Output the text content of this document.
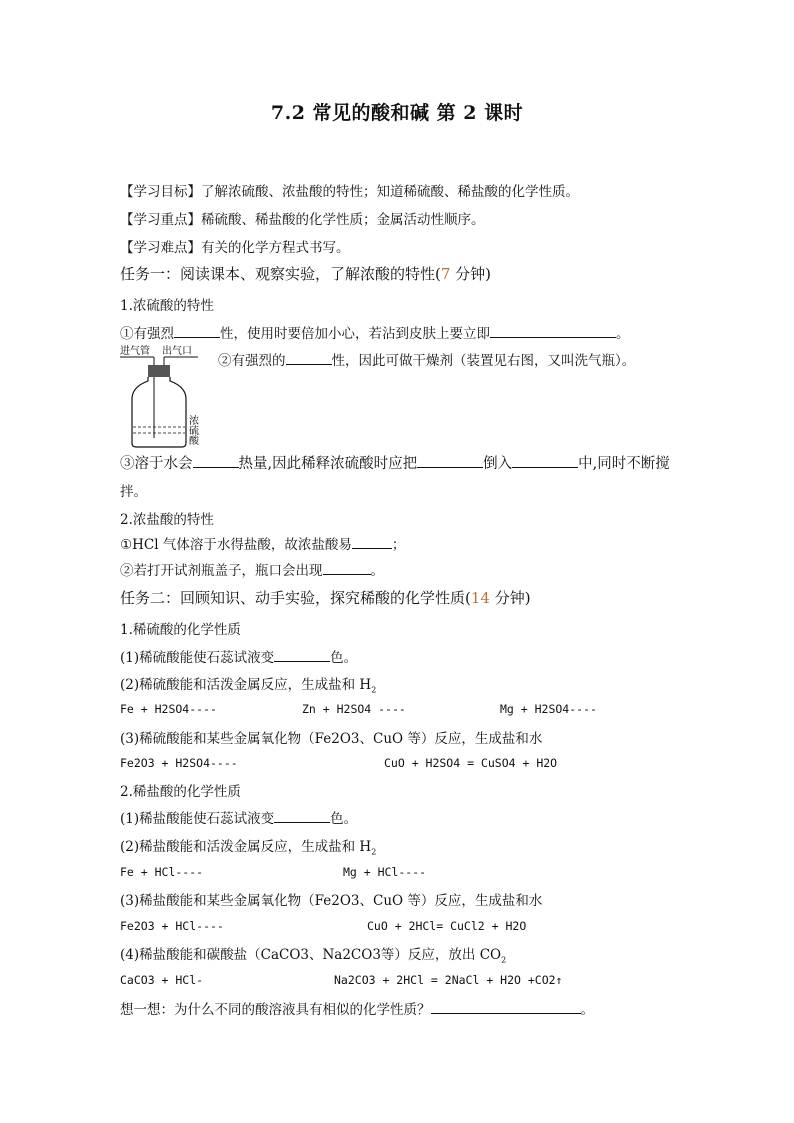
7.2 常见的酸和碱 第 2 课时
【学习目标】了解浓硫酸、浓盐酸的特性；知道稀硫酸、稀盐酸的化学性质。
【学习重点】稀硫酸、稀盐酸的化学性质；金属活动性顺序。
【学习难点】有关的化学方程式书写。
任务一：阅读课本、观察实验，了解浓酸的特性(7 分钟)
1.浓硫酸的特性
①有强烈	性，使用时要倍加小心，若沾到皮肤上要立即	。
进气管 出气口
浓硫酸
②有强烈的	性，因此可做干燥剂（装置见右图，又叫洗气瓶）。
③溶于水会	热量,因此稀释浓硫酸时应把	倒入	中,同时不断搅
拌。
2.浓盐酸的特性
①HCl 气体溶于水得盐酸，故浓盐酸易	；
②若打开试剂瓶盖子，瓶口会出现	。
任务二：回顾知识、动手实验，探究稀酸的化学性质(14 分钟)
1.稀硫酸的化学性质
(1)稀硫酸能使石蕊试液变	色。
(2)稀硫酸能和活泼金属反应，生成盐和 $H_2$
Fe + H2SO4----	Zn + H2SO4 ----	Mg + H2SO4----
(3)稀硫酸能和某些金属氧化物（Fe2O3、CuO 等）反应，生成盐和水
Fe2O3 + H2SO4----	CuO + H2SO4 = CuSO4 + H2O
2.稀盐酸的化学性质
(1)稀盐酸能使石蕊试液变	色。
(2)稀盐酸能和活泼金属反应，生成盐和 $H_2$
Fe + HCl----	Mg + HCl----
(3)稀盐酸能和某些金属氧化物（Fe2O3、CuO 等）反应，生成盐和水
Fe2O3 + HCl----	CuO + 2HCl= CuCl2 + H2O
(4)稀盐酸能和碳酸盐（CaCO3、Na2CO3等）反应，放出 $CO_2$
CaCO3 + HCl-	Na2CO3 + 2HCl = 2NaCl + H2O +CO2↑
想一想：为什么不同的酸溶液具有相似的化学性质？	。
